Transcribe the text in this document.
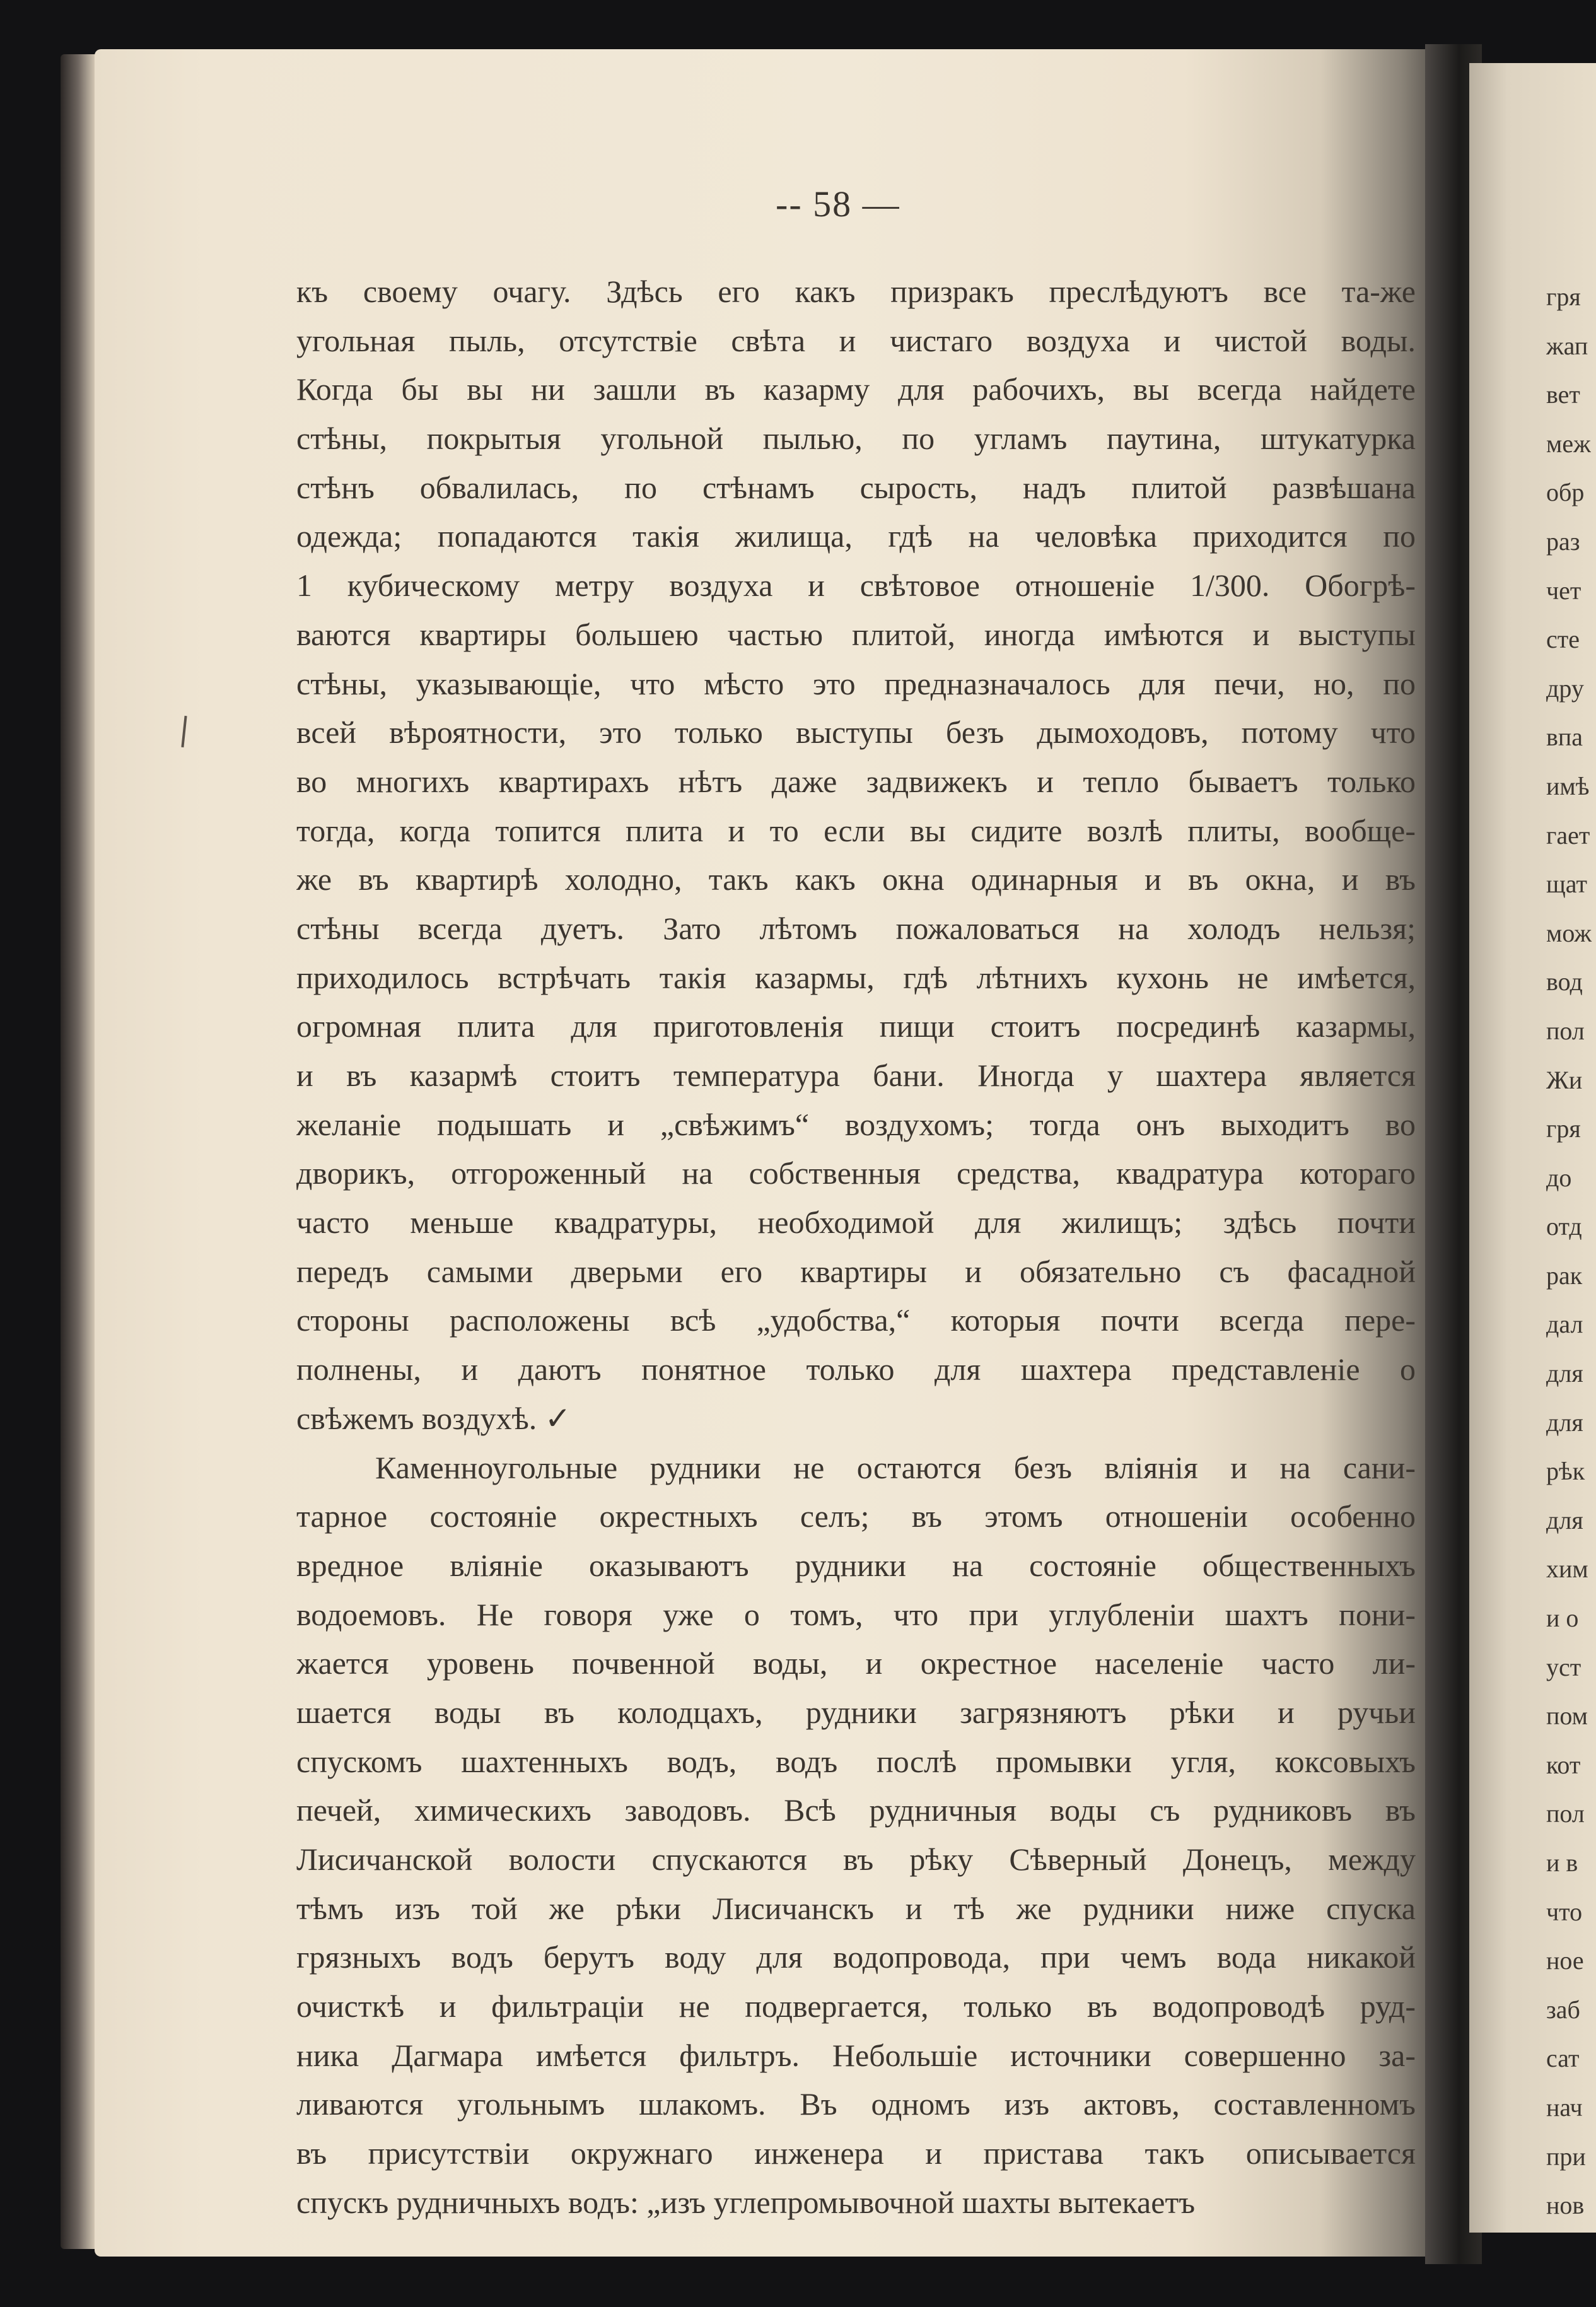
-- 58 —
къ своему очагу. Здѣсь его какъ призракъ преслѣдуютъ все та-же
угольная пыль, отсутствіе свѣта и чистаго воздуха и чистой воды.
Когда бы вы ни зашли въ казарму для рабочихъ, вы всегда найдете
стѣны, покрытыя угольной пылью, по угламъ паутина, штукатурка
стѣнъ обвалилась, по стѣнамъ сырость, надъ плитой развѣшана
одежда; попадаются такія жилища, гдѣ на человѣка приходится по
1 кубическому метру воздуха и свѣтовое отношеніе 1/300. Обогрѣ-
ваются квартиры большею частью плитой, иногда имѣются и выступы
стѣны, указывающіе, что мѣсто это предназначалось для печи, но, по
всей вѣроятности, это только выступы безъ дымоходовъ, потому что
во многихъ квартирахъ нѣтъ даже задвижекъ и тепло бываетъ только
тогда, когда топится плита и то если вы сидите возлѣ плиты, вообще-
же въ квартирѣ холодно, такъ какъ окна одинарныя и въ окна, и въ
стѣны всегда дуетъ. Зато лѣтомъ пожаловаться на холодъ нельзя;
приходилось встрѣчать такія казармы, гдѣ лѣтнихъ кухонь не имѣется,
огромная плита для приготовленія пищи стоитъ посрединѣ казармы,
и въ казармѣ стоитъ температура бани. Иногда у шахтера является
желаніе подышать и „свѣжимъ“ воздухомъ; тогда онъ выходитъ во
дворикъ, отгороженный на собственныя средства, квадратура котораго
часто меньше квадратуры, необходимой для жилищъ; здѣсь почти
передъ самыми дверьми его квартиры и обязательно съ фасадной
стороны расположены всѣ „удобства,“ которыя почти всегда пере-
полнены, и даютъ понятное только для шахтера представленіе о
свѣжемъ воздухѣ. ✓
Каменноугольные рудники не остаются безъ вліянія и на сани-
тарное состояніе окрестныхъ селъ; въ этомъ отношеніи особенно
вредное вліяніе оказываютъ рудники на состояніе общественныхъ
водоемовъ. Не говоря уже о томъ, что при углубленіи шахтъ пони-
жается уровень почвенной воды, и окрестное населеніе часто ли-
шается воды въ колодцахъ, рудники загрязняютъ рѣки и ручьи
спускомъ шахтенныхъ водъ, водъ послѣ промывки угля, коксовыхъ
печей, химическихъ заводовъ. Всѣ рудничныя воды съ рудниковъ въ
Лисичанской волости спускаются въ рѣку Сѣверный Донецъ, между
тѣмъ изъ той же рѣки Лисичанскъ и тѣ же рудники ниже спуска
грязныхъ водъ берутъ воду для водопровода, при чемъ вода никакой
очисткѣ и фильтраціи не подвергается, только въ водопроводѣ руд-
ника Дагмара имѣется фильтръ. Небольшіе источники совершенно за-
ливаются угольнымъ шлакомъ. Въ одномъ изъ актовъ, составленномъ
въ присутствіи окружнаго инженера и пристава такъ описывается
спускъ рудничныхъ водъ: „изъ углепромывочной шахты вытекаетъ
гря
жап
вет
меж
обр
раз
чет
сте
дру
впа
имѣ
гает
щат
мож
вод
пол
Жи
гря
до
отд
рак
дал
для
для
рѣк
для
хим
и о
уст
пом
кот
пол
и в
что
ное
заб
сат
нач
при
нов
